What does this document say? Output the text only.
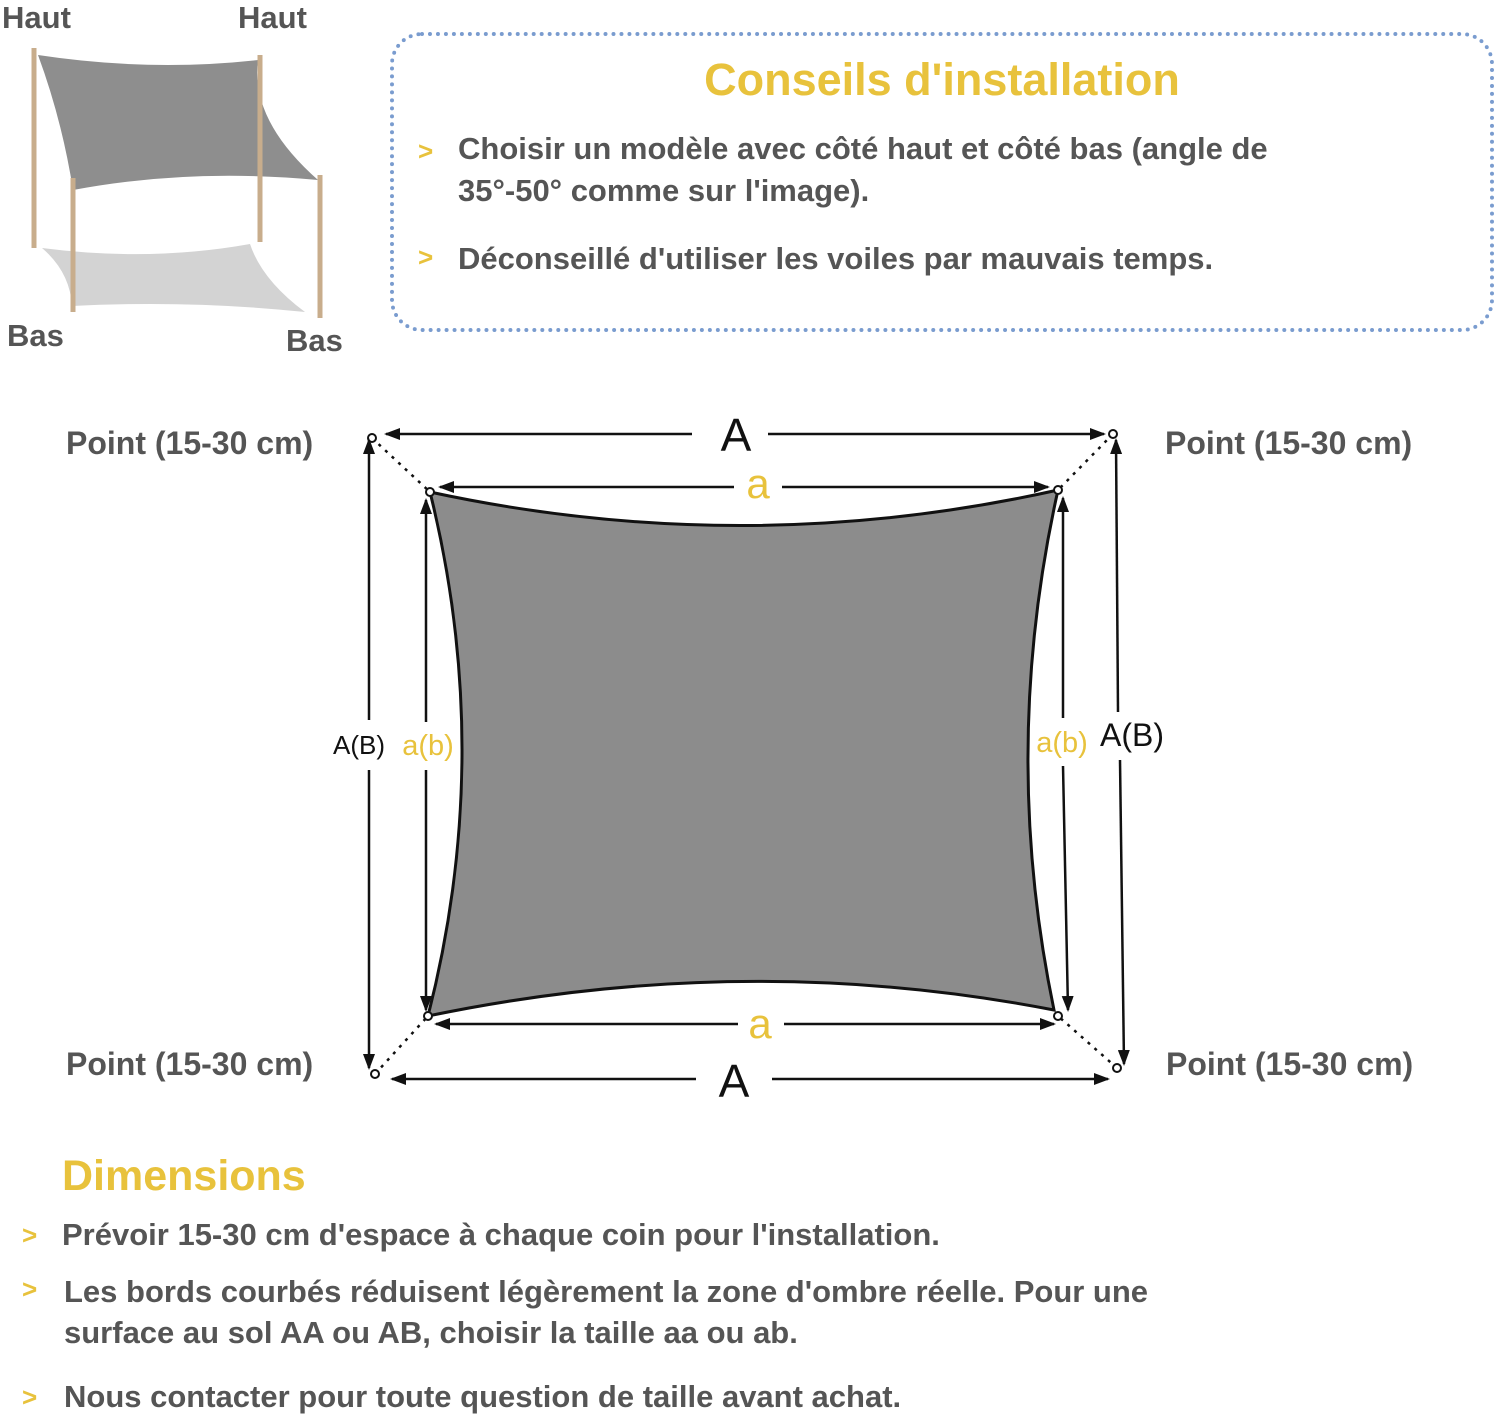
Haut	Haut
Bas	Bas
Conseils d'installation
> Choisir un modèle avec côté haut et côté bas (angle de
35°-50° comme sur l'image).
> Déconseillé d'utiliser les voiles par mauvais temps.
A
a
a
A
A(B) a(b)	a(b) A(B)
Point (15-30 cm)	Point (15-30 cm)
Point (15-30 cm)	Point (15-30 cm)
Dimensions
> Prévoir 15-30 cm d'espace à chaque coin pour l'installation.
> Les bords courbés réduisent légèrement la zone d'ombre réelle. Pour une
surface au sol AA ou AB, choisir la taille aa ou ab.
> Nous contacter pour toute question de taille avant achat.
